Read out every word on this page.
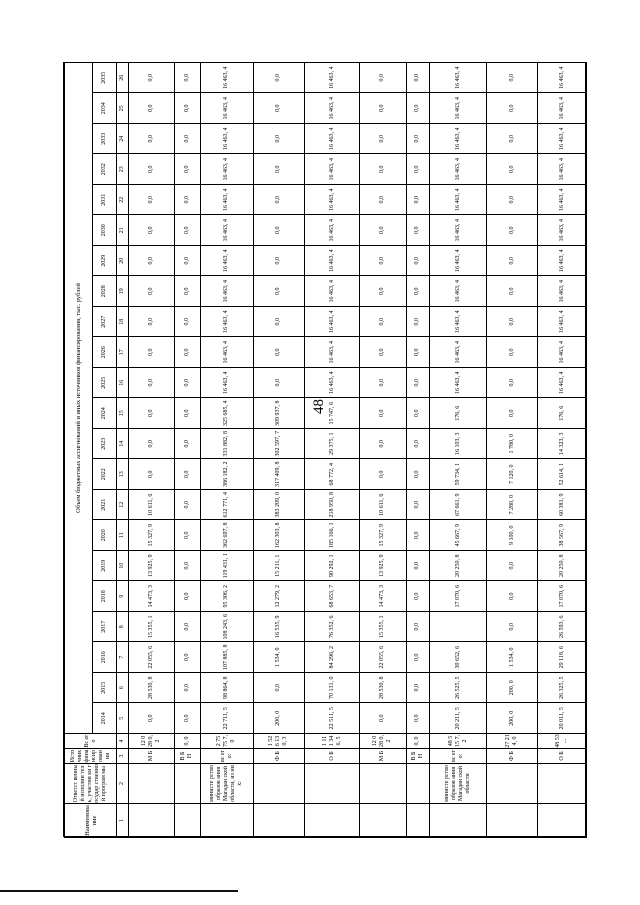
48
Наименова ние	Ответст венный исполни тель, участни ки государ ственно й програм мы	Источник финансирования	Вс ег о	Объем бюджетных ассигнований и иных источников финансирования, тыс. рублей																					
				2014	2015	2016	2017	2018	2019	2020	2021	2022	2023	2024	2025	2026	2027	2028	2029	2030	2031	2032	2033	2034	2035
1	2	3	4	5	6	7	8	9	10	11	12	13	14	15	16	17	18	19	20	21	22	23	24	25	26
		М Б	12 0 28 0, 2	0,0	28 530, 8	22 055, 6	15 355, 1	14 473, 3	13 925, 9	15 327, 9	10 611, 6	0,0	0,0	0,0	0,0	0,0	0,0	0,0	0,0	0,0	0,0	0,0	0,0	0,0	0,0
		В Б Н	0, 0	0,0	0,0	0,0	0,0	0,0	0,0	0,0	0,0	0,0	0,0	0,0	0,0	0,0	0,0	0,0	0,0	0,0	0,0	0,0	0,0	0,0	0,0
	министе рство образов ания Магадан ской области, из них:	вс ег о:	2 75 75 7, 0	22 711, 5	98 864, 8	107 885, 8	108 243, 6	95 306, 2	119 431, 1	362 697, 8	612 771, 4	386 182, 2	331 882, 8	325 685, 4	16 463, 4	16 463, 4	16 463, 4	16 463, 4	16 463, 4	16 463, 4	16 463, 4	16 463, 4	16 463, 4	16 463, 4	16 463, 4
		Ф Б	1 52 6 13 0, 3	200, 0	0,0	1 534, 0	16 535, 9	12 279, 2	15 211, 1	162 303, 8	383 209, 0	317 409, 8	302 597, 7	309 937, 8	0,0	0,0	0,0	0,0	0,0	0,0	0,0	0,0	0,0	0,0	0,0
		О Б	1 11 1 34 6, 5	22 511, 5	70 131, 0	84 296, 2	76 352, 6	68 653, 7	90 292, 1	185 166, 1	218 950, 8	68 772, 4	29 375, 1	15 747, 6	16 463, 4	16 463, 4	16 463, 4	16 463, 4	16 463, 4	16 463, 4	16 463, 4	16 463, 4	16 463, 4	16 463, 4	16 463, 4
		М Б	12 0 28 0, 2	0,0	28 530, 8	22 055, 6	15 355, 1	14 473, 3	13 925, 9	15 327, 9	10 611, 6	0,0	0,0	0,0	0,0	0,0	0,0	0,0	0,0	0,0	0,0	0,0	0,0	0,0	0,0
		В Б Н	0, 0	0,0	0,0	0,0	0,0	0,0	0,0	0,0	0,0	0,0	0,0	0,0	0,0	0,0	0,0	0,0	0,0	0,0	0,0	0,0	0,0	0,0	0,0
	министе рство образов ания Магадан ской области	вс ег о:	48 5 15 7, 2	20 211, 5	26 525, 5	30 652, 6		17 070, 6	20 250, 8	45 667, 9	67 661, 9	59 734, 1	16 103, 3	176, 6	16 463, 4	16 463, 4	16 463, 4	16 463, 4	16 463, 4	16 463, 4	16 463, 4	16 463, 4	16 463, 4	16 463, 4	16 463, 4
		Ф Б	27 21 4, 0	200, 0	200, 0	1 534, 0	0,0	0,0	0,0	9 100, 0	7 280, 0	7 120, 0	1 780, 0	0,0	0,0	0,0	0,0	0,0	0,0	0,0	0,0	0,0	0,0	0,0	0,0
		О Б	48 53 ...	20 011, 5	26 325, 5	29 118, 6	26 593, 6	17 070, 6	20 250, 8	38 567, 9	60 381, 9	52 614, 1	14 323, 3	176, 6	16 463, 4	16 463, 4	16 463, 4	16 463, 4	16 463, 4	16 463, 4	16 463, 4	16 463, 4	16 463, 4	16 463, 4	16 463, 4
